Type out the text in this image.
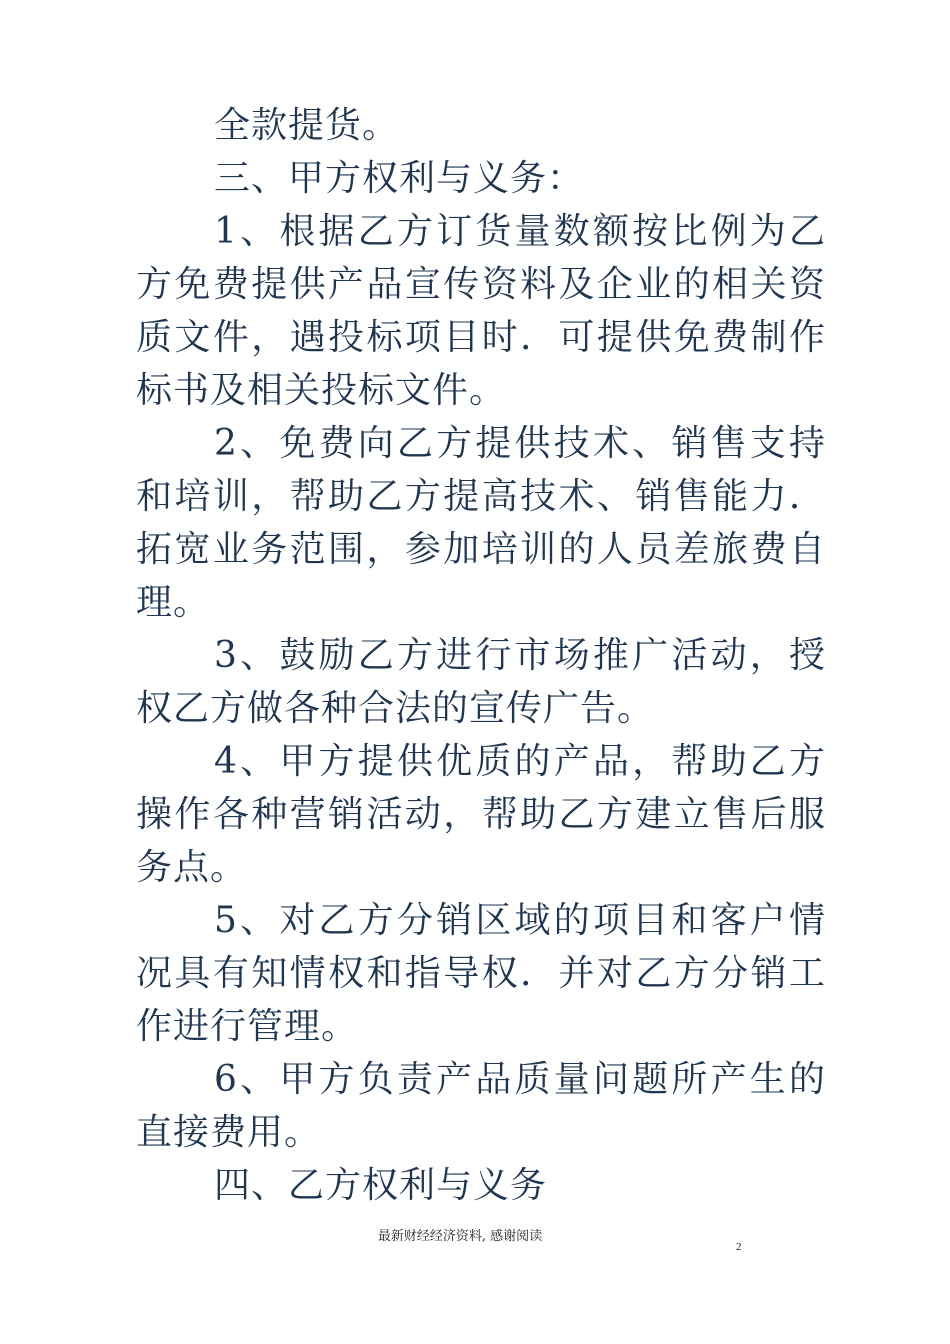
全款提货。

三、甲方权利与义务：

1、根据乙方订货量数额按比例为乙方免费提供产品宣传资料及企业的相关资质文件，遇投标项目时．可提供免费制作标书及相关投标文件。

2、免费向乙方提供技术、销售支持和培训，帮助乙方提高技术、销售能力．拓宽业务范围，参加培训的人员差旅费自理。

3、鼓励乙方进行市场推广活动，授权乙方做各种合法的宣传广告。

4、甲方提供优质的产品，帮助乙方操作各种营销活动，帮助乙方建立售后服务点。

5、对乙方分销区域的项目和客户情况具有知情权和指导权．并对乙方分销工作进行管理。

6、甲方负责产品质量问题所产生的直接费用。

四、乙方权利与义务

最新财经经济资料, 感谢阅读
2
